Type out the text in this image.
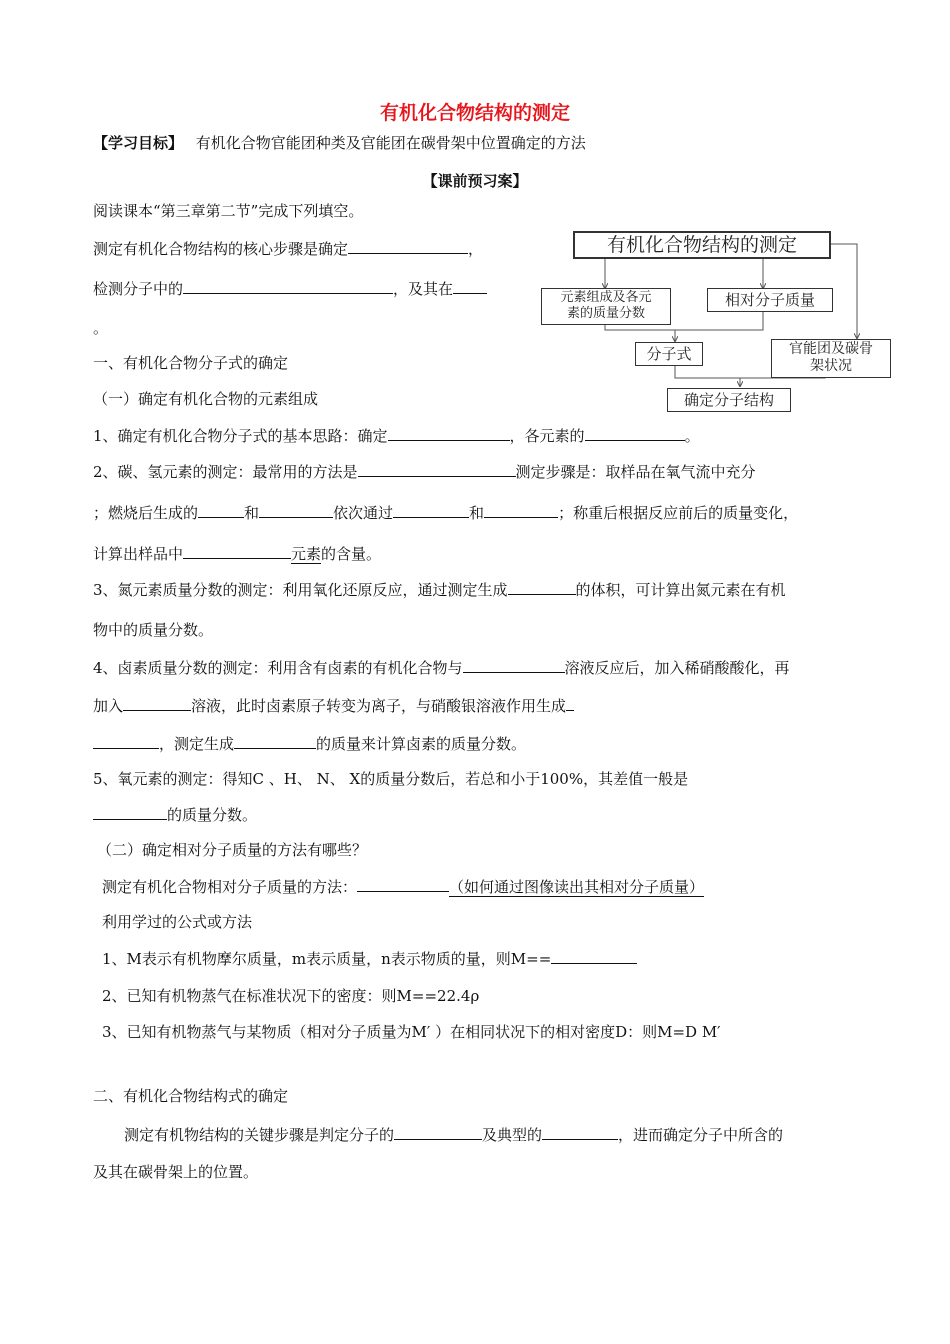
有机化合物结构的测定
【学习目标】 有机化合物官能团种类及官能团在碳骨架中位置确定的方法
【课前预习案】
阅读课本“第三章第二节”完成下列填空。
测定有机化合物结构的核心步骤是确定	，
检测分子中的	，及其在
。
有机化合物结构的测定
元素组成及各元
素的质量分数
相对分子质量
分子式	官能团及碳骨
架状况
确定分子结构
一、有机化合物分子式的确定
（一）确定有机化合物的元素组成
1、确定有机化合物分子式的基本思路：确定	，各元素的	。
2、碳、氢元素的测定：最常用的方法是	测定步骤是：取样品在氧气流中充分
；燃烧后生成的	和	依次通过	和	；称重后根据反应前后的质量变化，
计算出样品中	元素的含量。
3、氮元素质量分数的测定：利用氧化还原反应，通过测定生成	的体积，可计算出氮元素在有机
物中的质量分数。
4、卤素质量分数的测定：利用含有卤素的有机化合物与	溶液反应后，加入稀硝酸酸化，再
加入	溶液，此时卤素原子转变为离子，与硝酸银溶液作用生成
，测定生成	的质量来计算卤素的质量分数。
5、氧元素的测定：得知C 、H、 N、 X的质量分数后，若总和小于100%，其差值一般是
的质量分数。
（二）确定相对分子质量的方法有哪些？
测定有机化合物相对分子质量的方法：	（如何通过图像读出其相对分子质量）
利用学过的公式或方法
1、M表示有机物摩尔质量，m表示质量，n表示物质的量，则M==
2、已知有机物蒸气在标准状况下的密度：则M==22.4ρ
3、已知有机物蒸气与某物质（相对分子质量为M′ ）在相同状况下的相对密度D：则M=D M′
二、有机化合物结构式的确定
测定有机物结构的关键步骤是判定分子的	及典型的	，进而确定分子中所含的
及其在碳骨架上的位置。
